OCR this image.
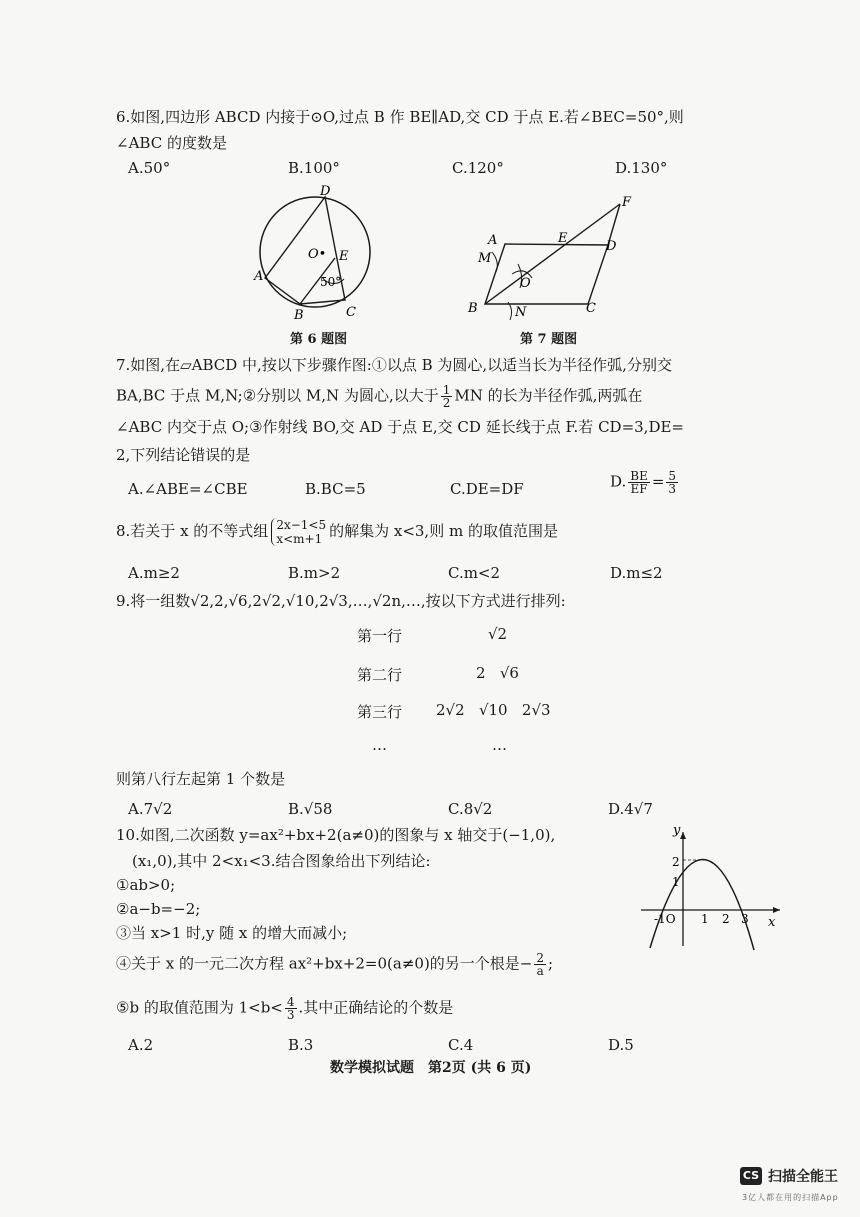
6.如图,四边形 ABCD 内接于⊙O,过点 B 作 BE∥AD,交 CD 于点 E.若∠BEC=50°,则
∠ABC 的度数是
A.50°	B.100°	C.120°	D.130°
D
A
B	C
E
O•
50°
第 6 题图
F
A	E
D
M
O
B	N	C
第 7 题图
7.如图,在▱ABCD 中,按以下步骤作图:①以点 B 为圆心,以适当长为半径作弧,分别交
BA,BC 于点 M,N;②分别以 M,N 为圆心,以大于 $\frac{1}{2}$ MN 的长为半径作弧,两弧在
∠ABC 内交于点 O;③作射线 BO,交 AD 于点 E,交 CD 延长线于点 F.若 CD=3,DE=
2,下列结论错误的是
A.∠ABE=∠CBE	B.BC=5	C.DE=DF	D. $\frac{BE}{EF} = \frac{5}{3}$
8.若关于 x 的不等式组 2x−1<5
x<m+1 的解集为 x<3,则 m 的取值范围是
A.m≥2	B.m>2	C.m<2	D.m≤2
9.将一组数√2,2,√6,2√2,√10,2√3,…,√2n,…,按以下方式进行排列:
第一行	√2
第二行	2   √6
第三行 2√2   √10   2√3
…	…
则第八行左起第 1 个数是
A.7√2	B.√58	C.8√2	D.4√7
10.如图,二次函数 y=ax²+bx+2(a≠0)的图象与 x 轴交于(−1,0),
(x₁,0),其中 2<x₁<3.结合图象给出下列结论:
①ab>0;
②a−b=−2;
③当 x>1 时,y 随 x 的增大而减小;
④关于 x 的一元二次方程 ax²+bx+2=0(a≠0)的另一个根是− $\frac{2}{a}$ ;
⑤b 的取值范围为 $1<b< \frac{4}{3}$ .其中正确结论的个数是
A.2	B.3	C.4	D.5
y
x
2
1
-1O 1 2 3
数学模拟试题　第2页 (共 6 页)
CS 扫描全能王
3亿人都在用的扫描App
